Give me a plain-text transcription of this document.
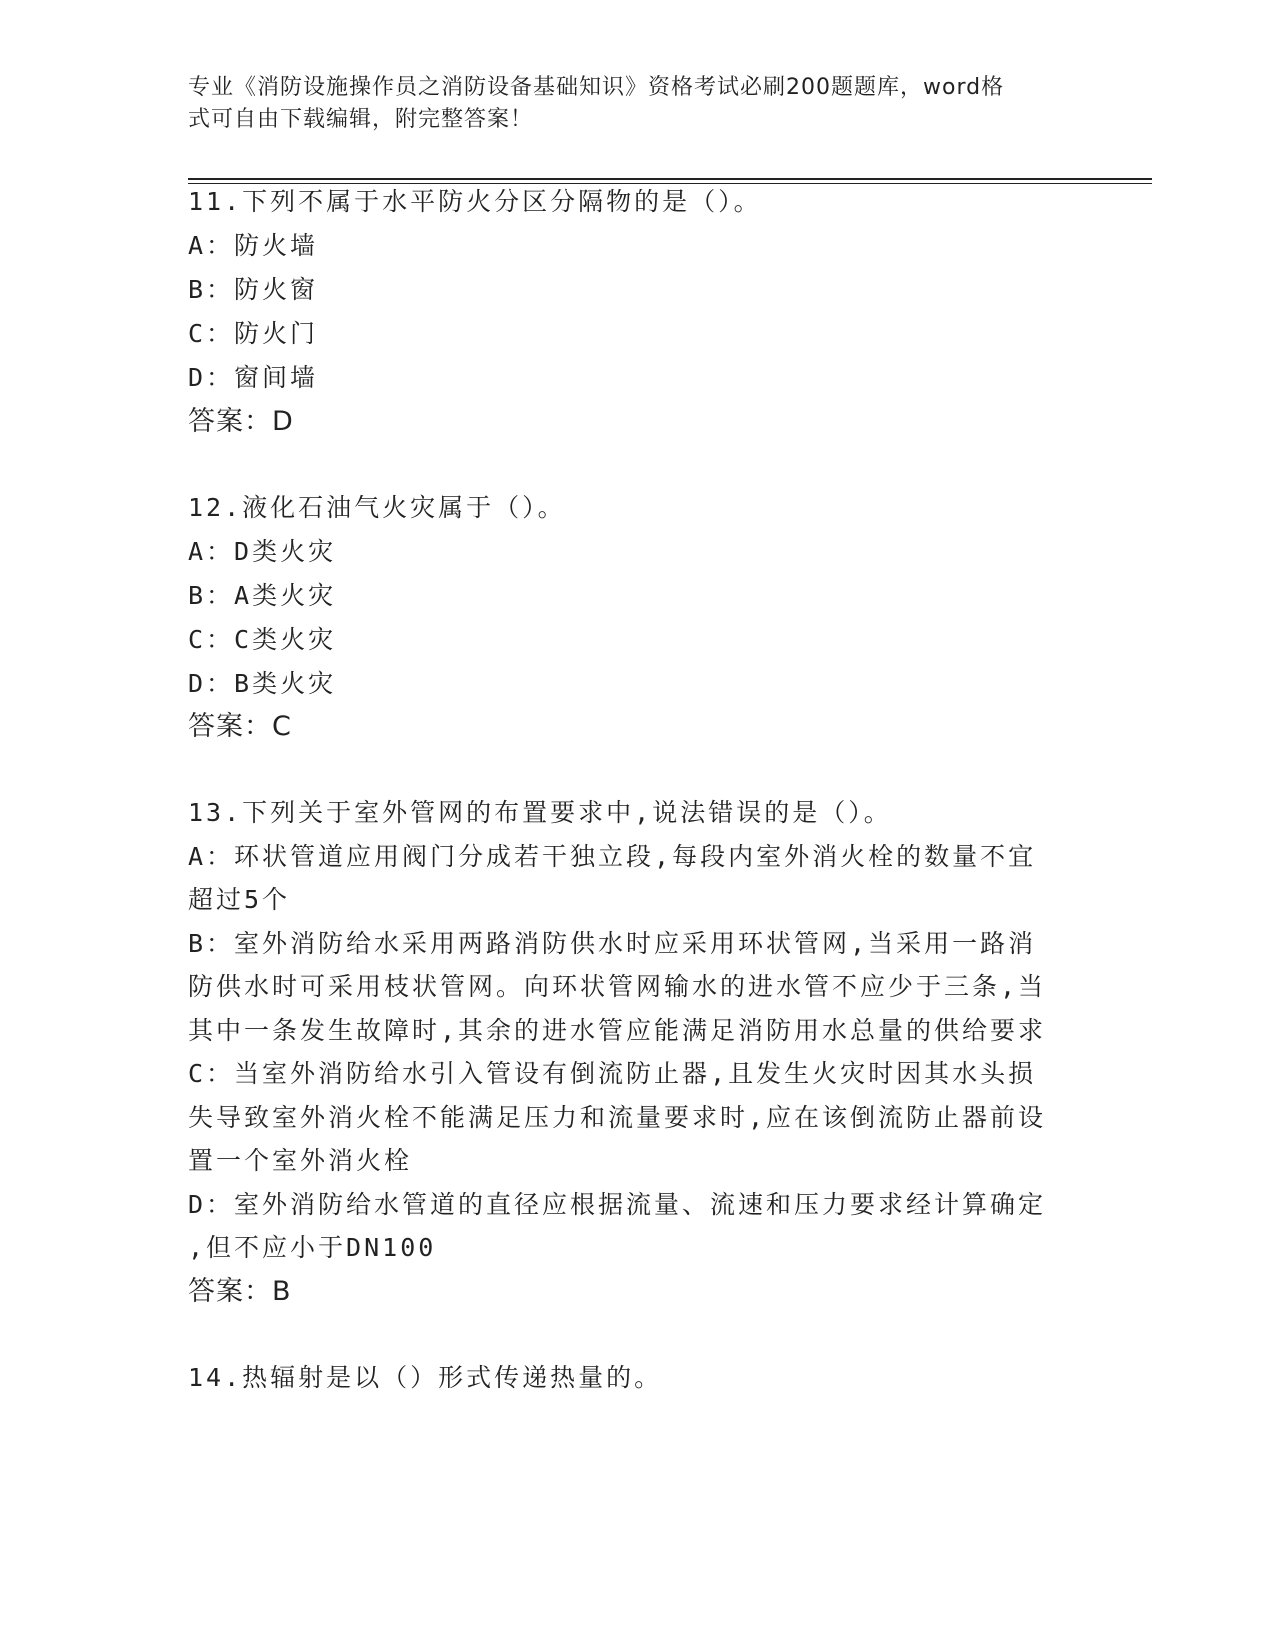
专业《消防设施操作员之消防设备基础知识》资格考试必刷200题题库，word格
式可自由下载编辑，附完整答案！
11.下列不属于水平防火分区分隔物的是（）。
A：防火墙
B：防火窗
C：防火门
D：窗间墙
答案：D
12.液化石油气火灾属于（）。
A：D类火灾
B：A类火灾
C：C类火灾
D：B类火灾
答案：C
13.下列关于室外管网的布置要求中,说法错误的是（）。
A：环状管道应用阀门分成若干独立段,每段内室外消火栓的数量不宜
超过5个
B：室外消防给水采用两路消防供水时应采用环状管网,当采用一路消
防供水时可采用枝状管网。向环状管网输水的进水管不应少于三条,当
其中一条发生故障时,其余的进水管应能满足消防用水总量的供给要求
C：当室外消防给水引入管设有倒流防止器,且发生火灾时因其水头损
失导致室外消火栓不能满足压力和流量要求时,应在该倒流防止器前设
置一个室外消火栓
D：室外消防给水管道的直径应根据流量、流速和压力要求经计算确定
,但不应小于DN100
答案：B
14.热辐射是以（）形式传递热量的。
